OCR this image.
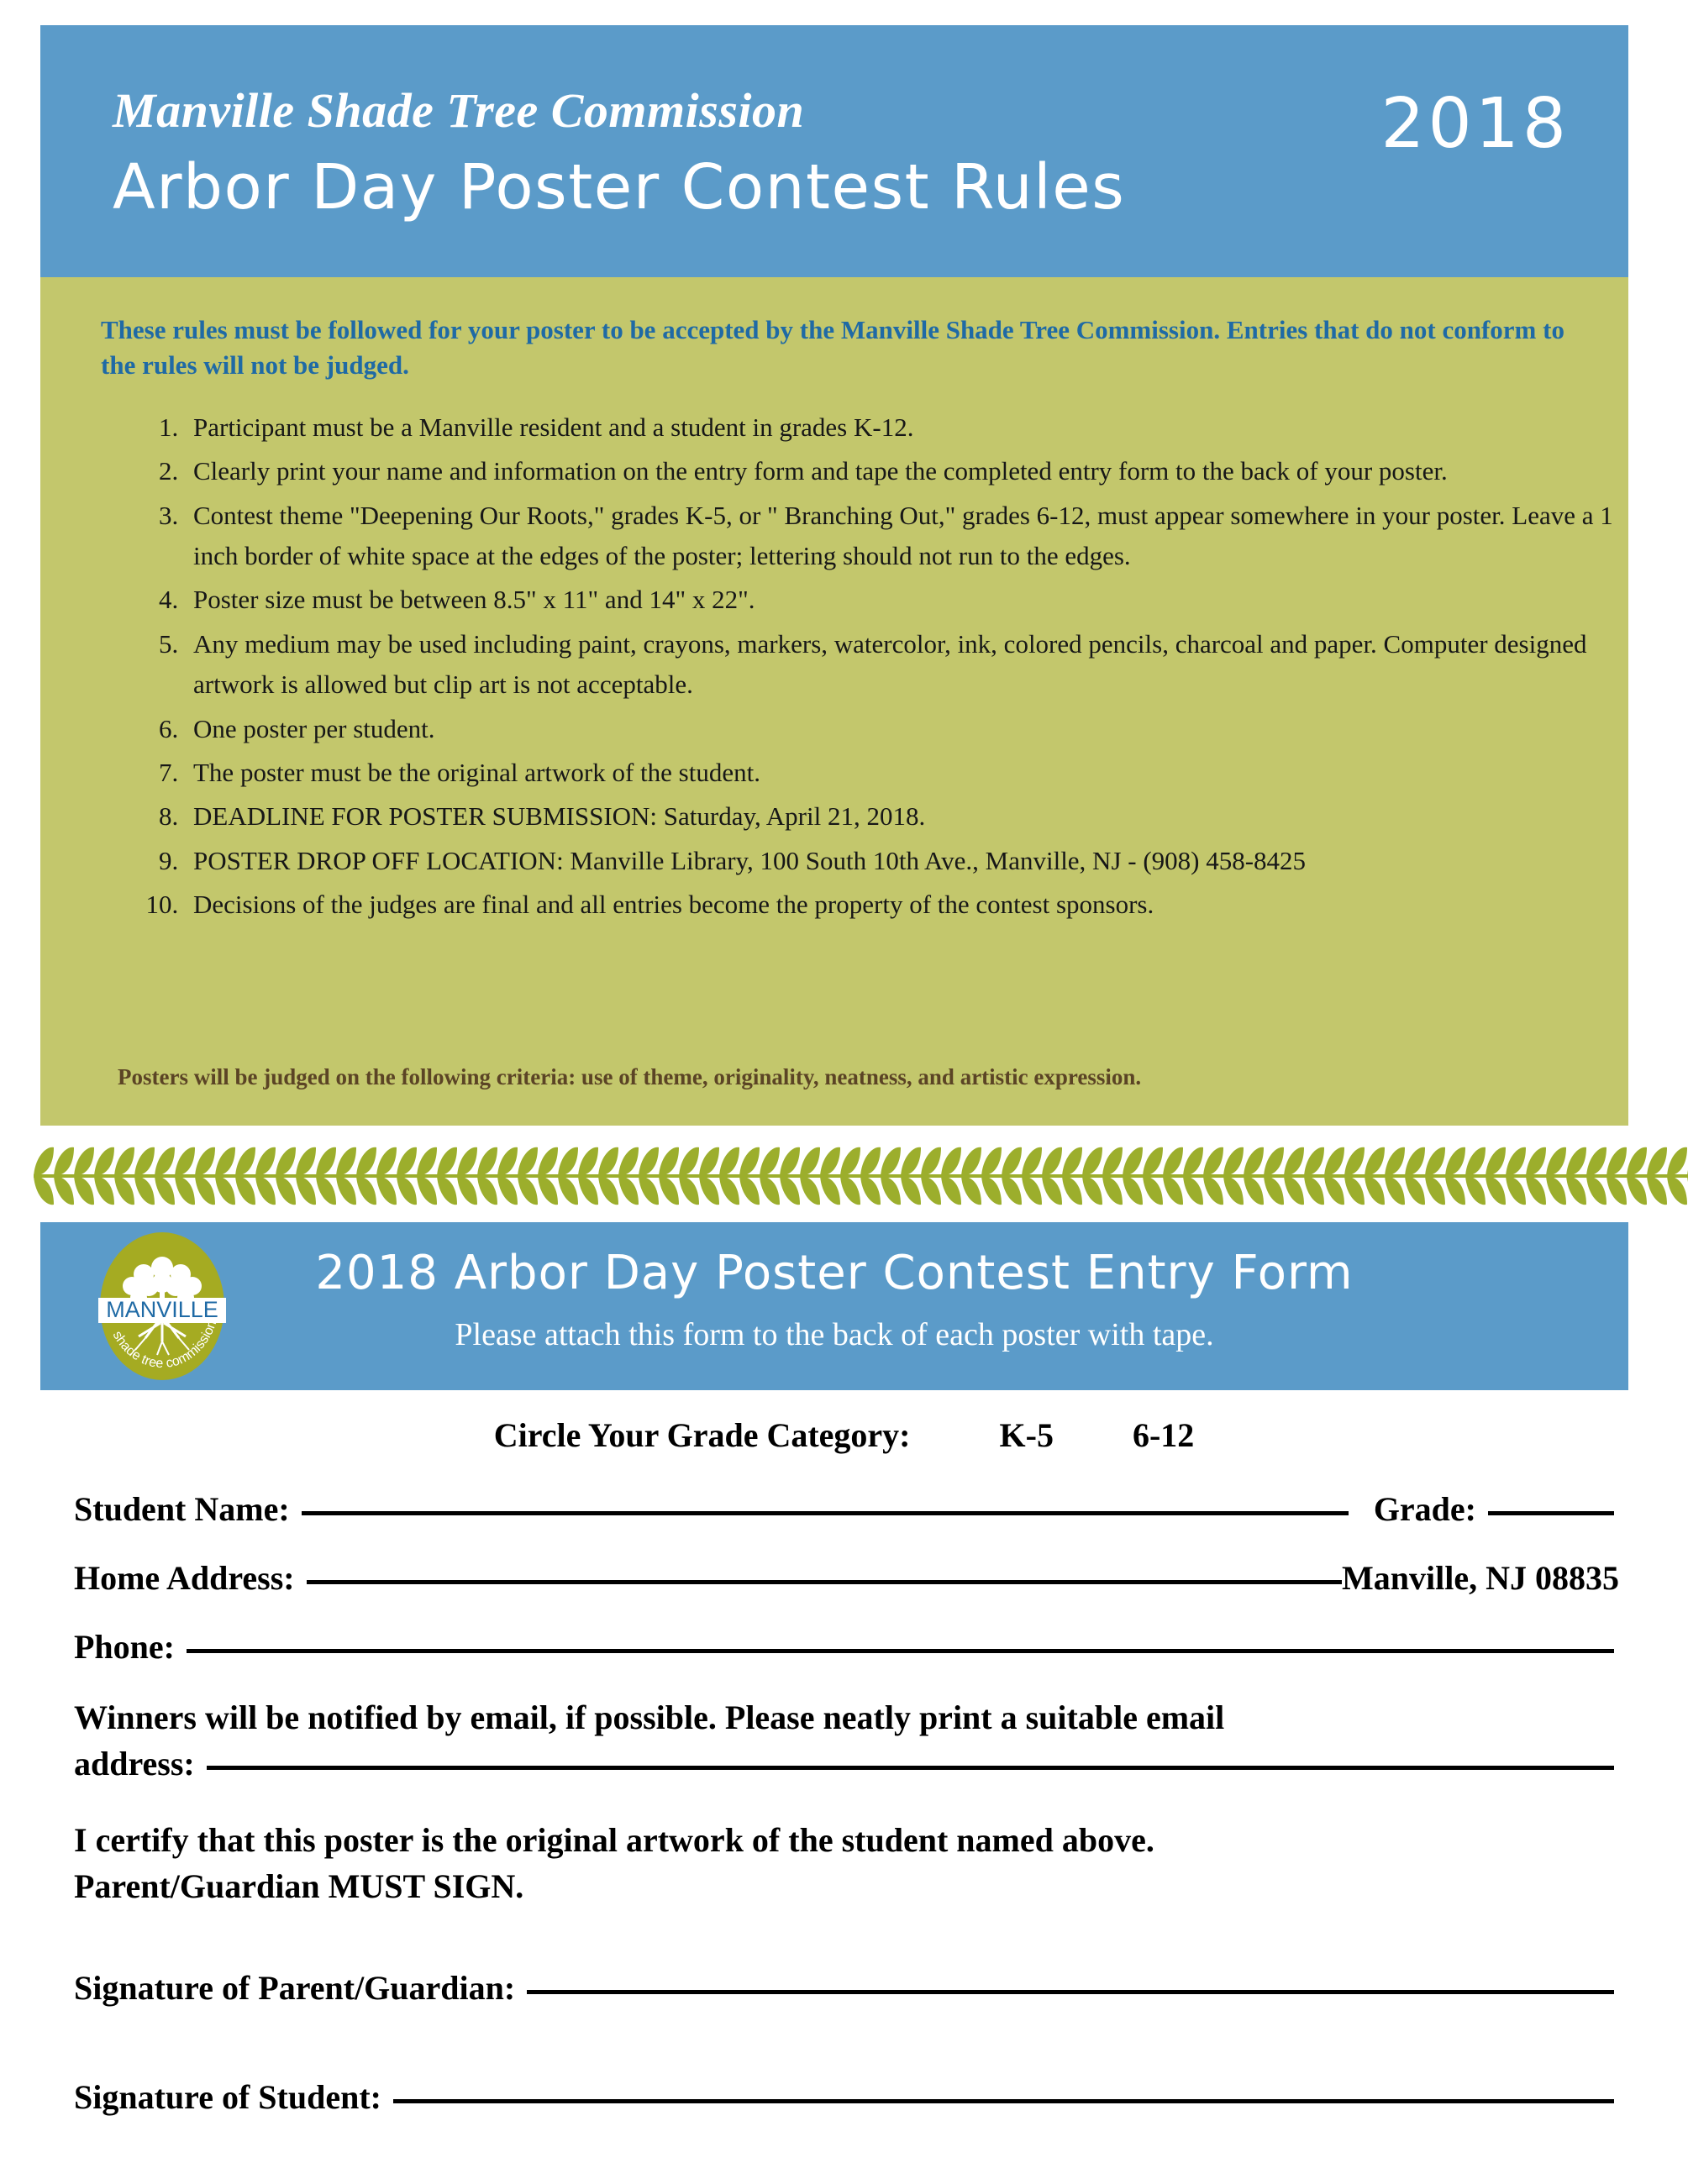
Manville Shade Tree Commission
Arbor Day Poster Contest Rules
2018
These rules must be followed for your poster to be accepted by the Manville Shade Tree Commission. Entries that do not conform to the rules will not be judged.
1. Participant must be a Manville resident and a student in grades K-12.
2. Clearly print your name and information on the entry form and tape the completed entry form to the back of your poster.
3. Contest theme "Deepening Our Roots," grades K-5, or " Branching Out," grades 6-12, must appear somewhere in your poster. Leave a 1 inch border of white space at the edges of the poster; lettering should not run to the edges.
4. Poster size must be between 8.5" x 11" and 14" x 22".
5. Any medium may be used including paint, crayons, markers, watercolor, ink, colored pencils, charcoal and paper. Computer designed artwork is allowed but clip art is not acceptable.
6. One poster per student.
7. The poster must be the original artwork of the student.
8. DEADLINE FOR POSTER SUBMISSION: Saturday, April 21, 2018.
9. POSTER DROP OFF LOCATION: Manville Library, 100 South 10th Ave., Manville, NJ - (908) 458-8425
10. Decisions of the judges are final and all entries become the property of the contest sponsors.
Posters will be judged on the following criteria: use of theme, originality, neatness, and artistic expression.
MANVILLE
shade tree commission
2018 Arbor Day Poster Contest Entry Form
Please attach this form to the back of each poster with tape.
Circle Your Grade Category:	K-5 6-12
Student Name:	Grade:
Home Address:	Manville, NJ 08835
Phone:
Winners will be notified by email, if possible. Please neatly print a suitable email
address:
I certify that this poster is the original artwork of the student named above.
Parent/Guardian MUST SIGN.
Signature of Parent/Guardian:
Signature of Student:
